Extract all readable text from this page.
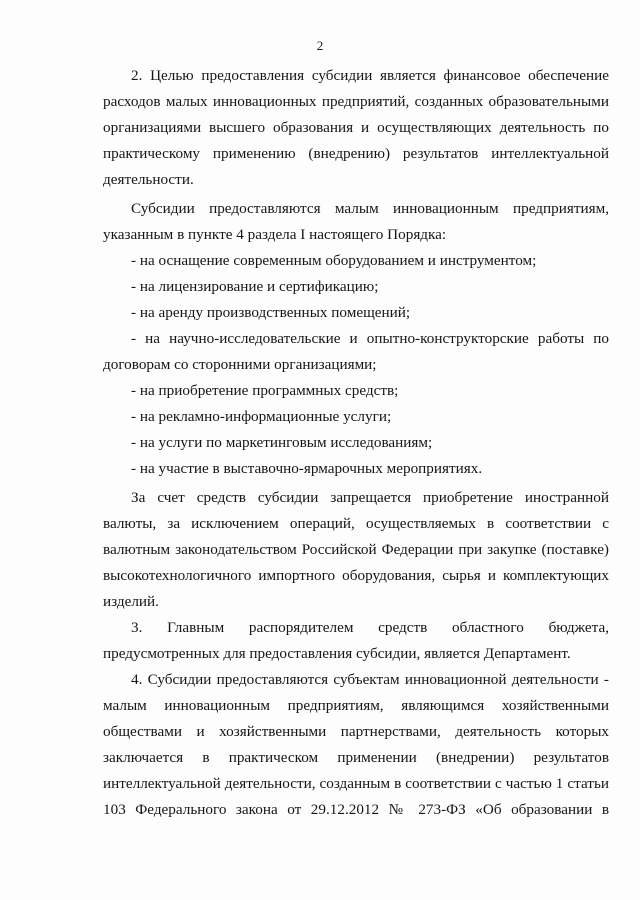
2
2. Целью предоставления субсидии является финансовое обеспечение
расходов малых инновационных предприятий, созданных образовательными
организациями высшего образования и осуществляющих деятельность по
практическому применению (внедрению) результатов интеллектуальной
деятельности.
Субсидии предоставляются малым инновационным предприятиям,
указанным в пункте 4 раздела I настоящего Порядка:
- на оснащение современным оборудованием и инструментом;
- на лицензирование и сертификацию;
- на аренду производственных помещений;
- на научно-исследовательские и опытно-конструкторские работы по
договорам со сторонними организациями;
- на приобретение программных средств;
- на рекламно-информационные услуги;
- на услуги по маркетинговым исследованиям;
- на участие в выставочно-ярмарочных мероприятиях.
За счет средств субсидии запрещается приобретение иностранной
валюты, за исключением операций, осуществляемых в соответствии с
валютным законодательством Российской Федерации при закупке (поставке)
высокотехнологичного импортного оборудования, сырья и комплектующих
изделий.
3. Главным распорядителем средств областного бюджета,
предусмотренных для предоставления субсидии, является Департамент.
4. Субсидии предоставляются субъектам инновационной деятельности -
малым инновационным предприятиям, являющимся хозяйственными
обществами и хозяйственными партнерствами, деятельность которых
заключается в практическом применении (внедрении) результатов
интеллектуальной деятельности, созданным в соответствии с частью 1 статьи
103 Федерального закона от 29.12.2012 № 273-ФЗ «Об образовании в
